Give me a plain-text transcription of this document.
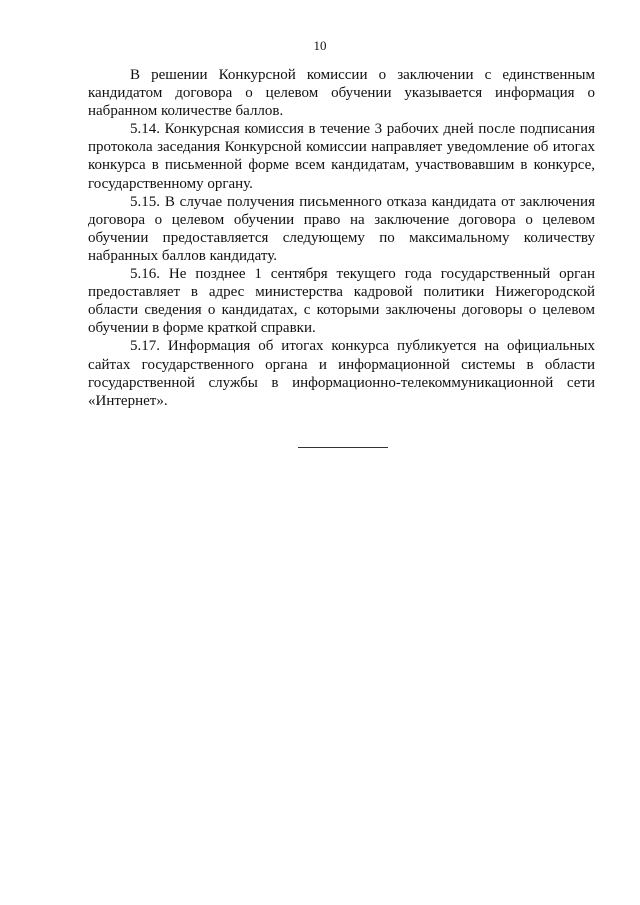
10

В решении Конкурсной комиссии о заключении с единственным кандидатом договора о целевом обучении указывается информация о набранном количестве баллов.

5.14. Конкурсная комиссия в течение 3 рабочих дней после подписания протокола заседания Конкурсной комиссии направляет уведомление об итогах конкурса в письменной форме всем кандидатам, участвовавшим в конкурсе, государственному органу.

5.15. В случае получения письменного отказа кандидата от заключения договора о целевом обучении право на заключение договора о целевом обучении предоставляется следующему по максимальному количеству набранных баллов кандидату.

5.16. Не позднее 1 сентября текущего года государственный орган предоставляет в адрес министерства кадровой политики Нижегородской области сведения о кандидатах, с которыми заключены договоры о целевом обучении в форме краткой справки.

5.17. Информация об итогах конкурса публикуется на официальных сайтах государственного органа и информационной системы в области государственной службы в информационно-телекоммуникационной сети «Интернет».
